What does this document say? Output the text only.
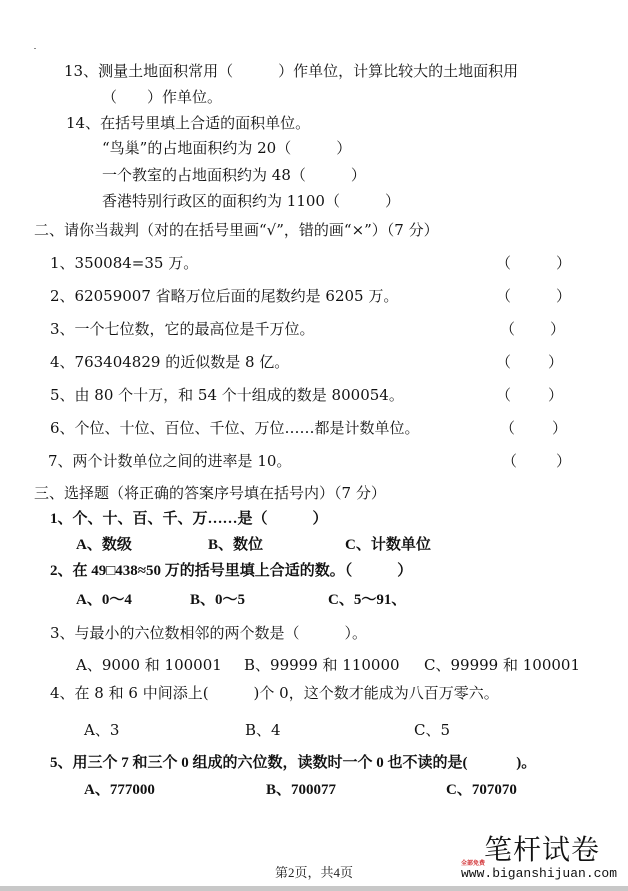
13、测量土地面积常用（　　　）作单位，计算比较大的土地面积用
（　　）作单位。
14、在括号里填上合适的面积单位。
“鸟巢”的占地面积约为 20（　　　）
一个教室的占地面积约为 48（　　　）
香港特别行政区的面积约为 1100（　　　）
二、请你当裁判（对的在括号里画“√”，错的画“×”）（7 分）
1、350084=35 万。	（	）
2、62059007 省略万位后面的尾数约是 6205 万。	（	）
3、一个七位数，它的最高位是千万位。	（ ）
4、763404829 的近似数是 8 亿。	（ ）
5、由 80 个十万，和 54 个十组成的数是 800054。	（ ）
6、个位、十位、百位、千位、万位……都是计数单位。	（ ）
7、两个计数单位之间的进率是 10。	（	）
三、选择题（将正确的答案序号填在括号内）（7 分）
1、个、十、百、千、万……是（　　　）
A、数级	B、数位	C、计数单位
2、在 49□438≈50 万的括号里填上合适的数。（　　　）
A、0～4	B、0～5	C、5～91、
3、与最小的六位数相邻的两个数是（　　　）。
A、9000 和 100001 B、99999 和 110000 C、99999 和 100001
4、在 8 和 6 中间添上(　　　)个 0，这个数才能成为八百万零六。
A、3	B、4	C、5
5、用三个 7 和三个 0 组成的六位数，读数时一个 0 也不读的是(　　　 )。
A、777000	B、700077	C、707070
第2页，共4页
笔杆试卷
全部免费
www.biganshijuan.com
